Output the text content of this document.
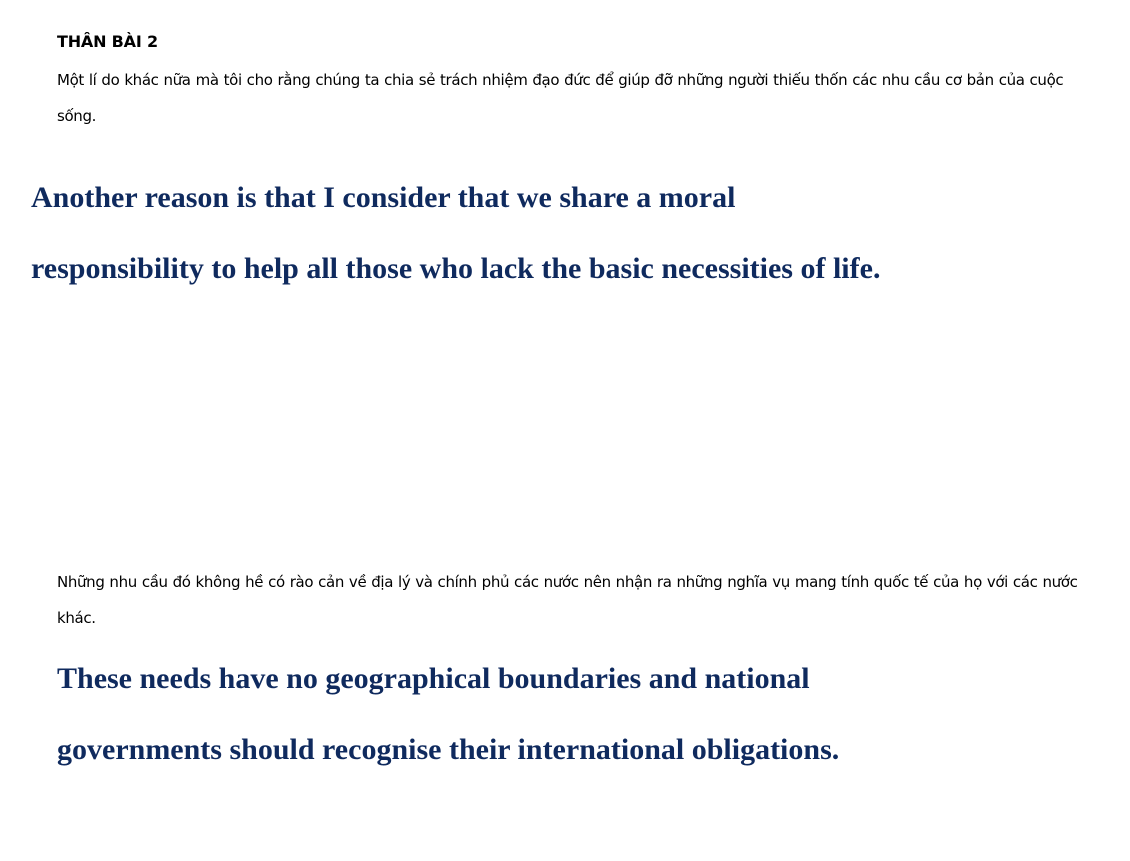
THÂN BÀI 2
Một lí do khác nữa mà tôi cho rằng chúng ta chia sẻ trách nhiệm đạo đức để giúp đỡ những người thiếu thốn các nhu cầu cơ bản của cuộc sống.
Another reason is that I consider that we share a moral
responsibility to help all those who lack the basic necessities of life.
Những nhu cầu đó không hề có rào cản về địa lý và chính phủ các nước nên nhận ra những nghĩa vụ mang tính quốc tế của họ với các nước khác.
These needs have no geographical boundaries and national
governments should recognise their international obligations.
